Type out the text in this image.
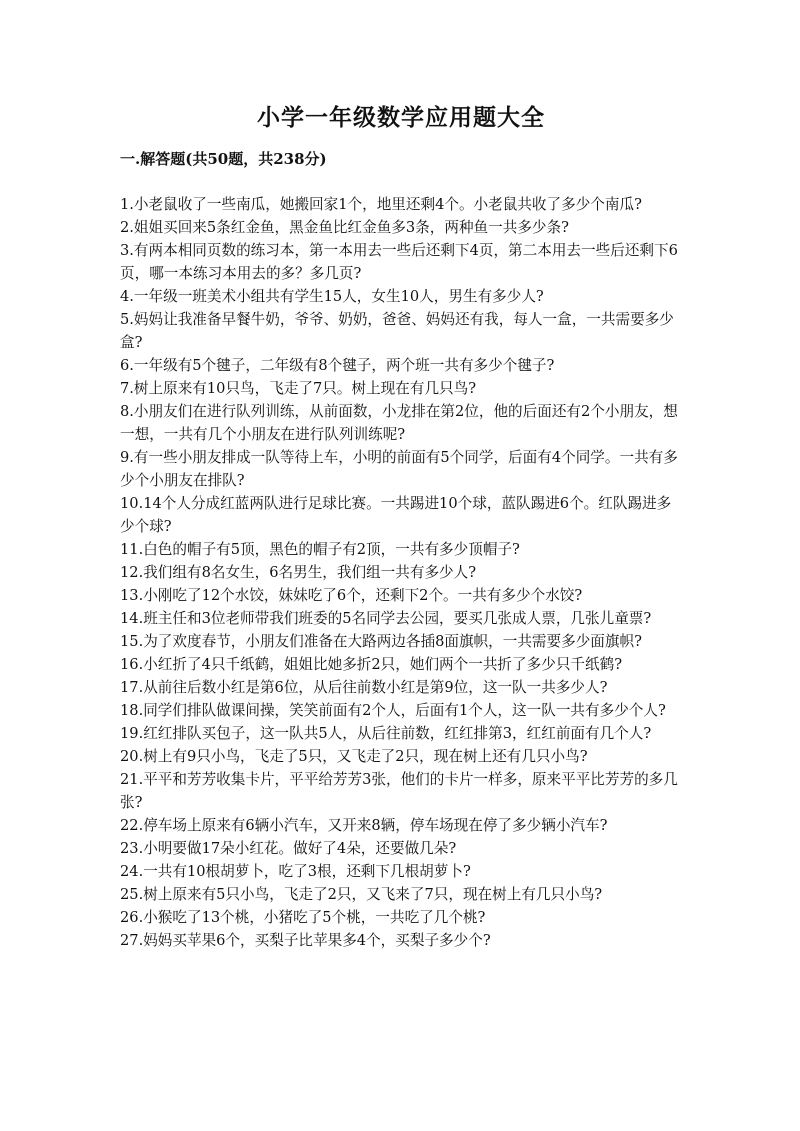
小学一年级数学应用题大全
一.解答题(共50题，共238分)
1.小老鼠收了一些南瓜，她搬回家1个，地里还剩4个。小老鼠共收了多少个南瓜?
2.姐姐买回来5条红金鱼，黑金鱼比红金鱼多3条，两种鱼一共多少条?
3.有两本相同页数的练习本，第一本用去一些后还剩下4页，第二本用去一些后还剩下6页，哪一本练习本用去的多？多几页?
4.一年级一班美术小组共有学生15人，女生10人，男生有多少人?
5.妈妈让我准备早餐牛奶，爷爷、奶奶，爸爸、妈妈还有我，每人一盒，一共需要多少盒?
6.一年级有5个毽子，二年级有8个毽子，两个班一共有多少个毽子?
7.树上原来有10只鸟，飞走了7只。树上现在有几只鸟?
8.小朋友们在进行队列训练，从前面数，小龙排在第2位，他的后面还有2个小朋友，想一想，一共有几个小朋友在进行队列训练呢?
9.有一些小朋友排成一队等待上车，小明的前面有5个同学，后面有4个同学。一共有多少个小朋友在排队?
10.14个人分成红蓝两队进行足球比赛。一共踢进10个球，蓝队踢进6个。红队踢进多少个球?
11.白色的帽子有5顶，黑色的帽子有2顶，一共有多少顶帽子?
12.我们组有8名女生，6名男生，我们组一共有多少人?
13.小刚吃了12个水饺，妹妹吃了6个，还剩下2个。一共有多少个水饺?
14.班主任和3位老师带我们班委的5名同学去公园，要买几张成人票，几张儿童票?
15.为了欢度春节，小朋友们准备在大路两边各插8面旗帜，一共需要多少面旗帜?
16.小红折了4只千纸鹤，姐姐比她多折2只，她们两个一共折了多少只千纸鹤?
17.从前往后数小红是第6位，从后往前数小红是第9位，这一队一共多少人?
18.同学们排队做课间操，笑笑前面有2个人，后面有1个人，这一队一共有多少个人?
19.红红排队买包子，这一队共5人，从后往前数，红红排第3，红红前面有几个人?
20.树上有9只小鸟，飞走了5只，又飞走了2只，现在树上还有几只小鸟?
21.平平和芳芳收集卡片，平平给芳芳3张，他们的卡片一样多，原来平平比芳芳的多几张?
22.停车场上原来有6辆小汽车，又开来8辆，停车场现在停了多少辆小汽车?
23.小明要做17朵小红花。做好了4朵，还要做几朵?
24.一共有10根胡萝卜，吃了3根，还剩下几根胡萝卜?
25.树上原来有5只小鸟，飞走了2只，又飞来了7只，现在树上有几只小鸟?
26.小猴吃了13个桃，小猪吃了5个桃，一共吃了几个桃?
27.妈妈买苹果6个，买梨子比苹果多4个，买梨子多少个?
